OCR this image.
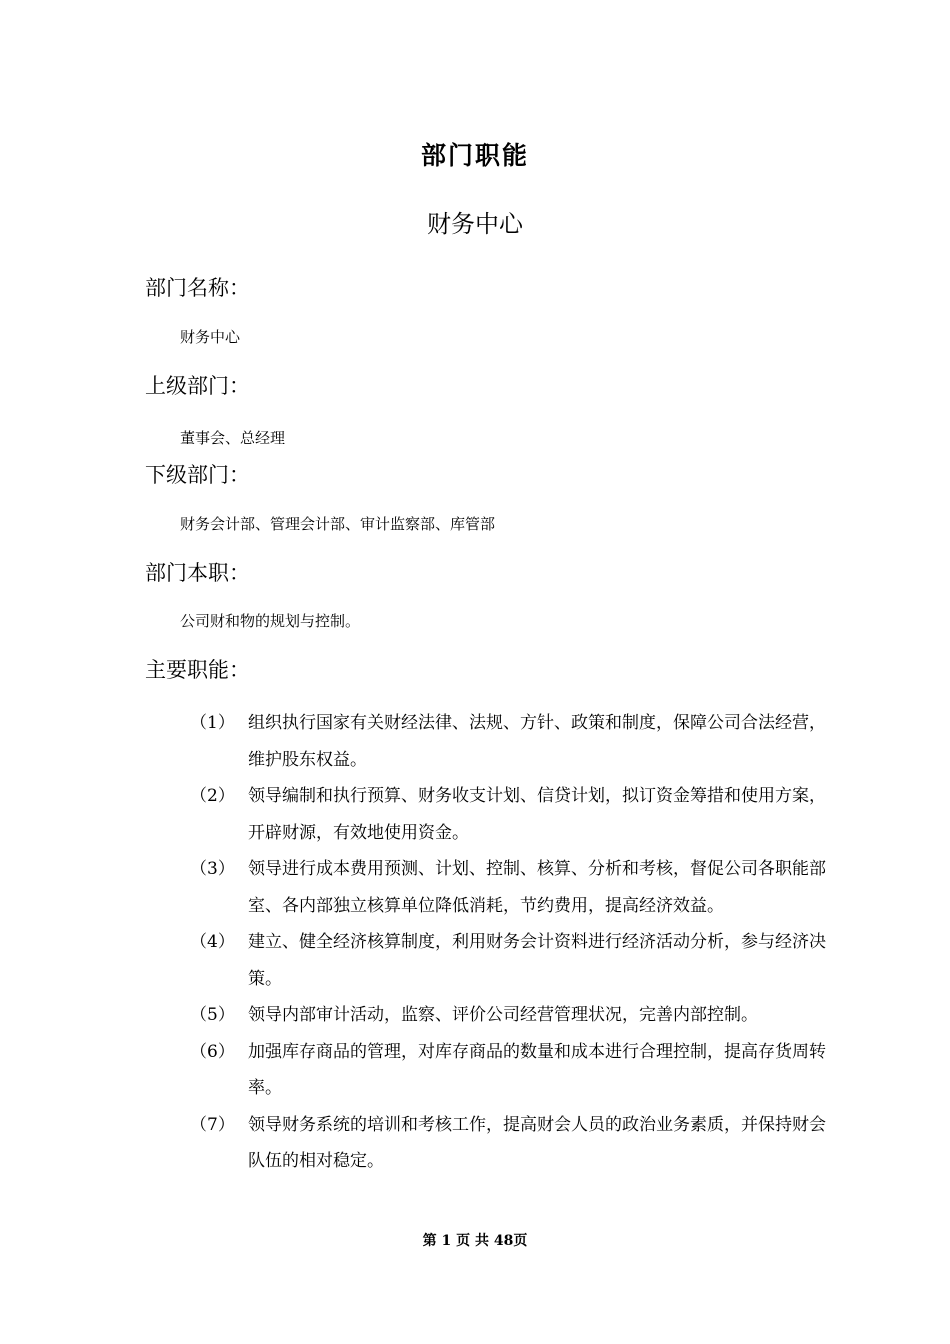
部门职能
财务中心
部门名称：
财务中心
上级部门：
董事会、总经理
下级部门：
财务会计部、管理会计部、审计监察部、库管部
部门本职：
公司财和物的规划与控制。
主要职能：
（1） 组织执行国家有关财经法律、法规、方针、政策和制度，保障公司合法经营，维护股东权益。
（2） 领导编制和执行预算、财务收支计划、信贷计划，拟订资金筹措和使用方案，开辟财源，有效地使用资金。
（3） 领导进行成本费用预测、计划、控制、核算、分析和考核，督促公司各职能部室、各内部独立核算单位降低消耗，节约费用，提高经济效益。
（4） 建立、健全经济核算制度，利用财务会计资料进行经济活动分析，参与经济决策。
（5） 领导内部审计活动，监察、评价公司经营管理状况，完善内部控制。
（6） 加强库存商品的管理，对库存商品的数量和成本进行合理控制，提高存货周转率。
（7） 领导财务系统的培训和考核工作，提高财会人员的政治业务素质，并保持财会队伍的相对稳定。
第 1 页 共 48页
